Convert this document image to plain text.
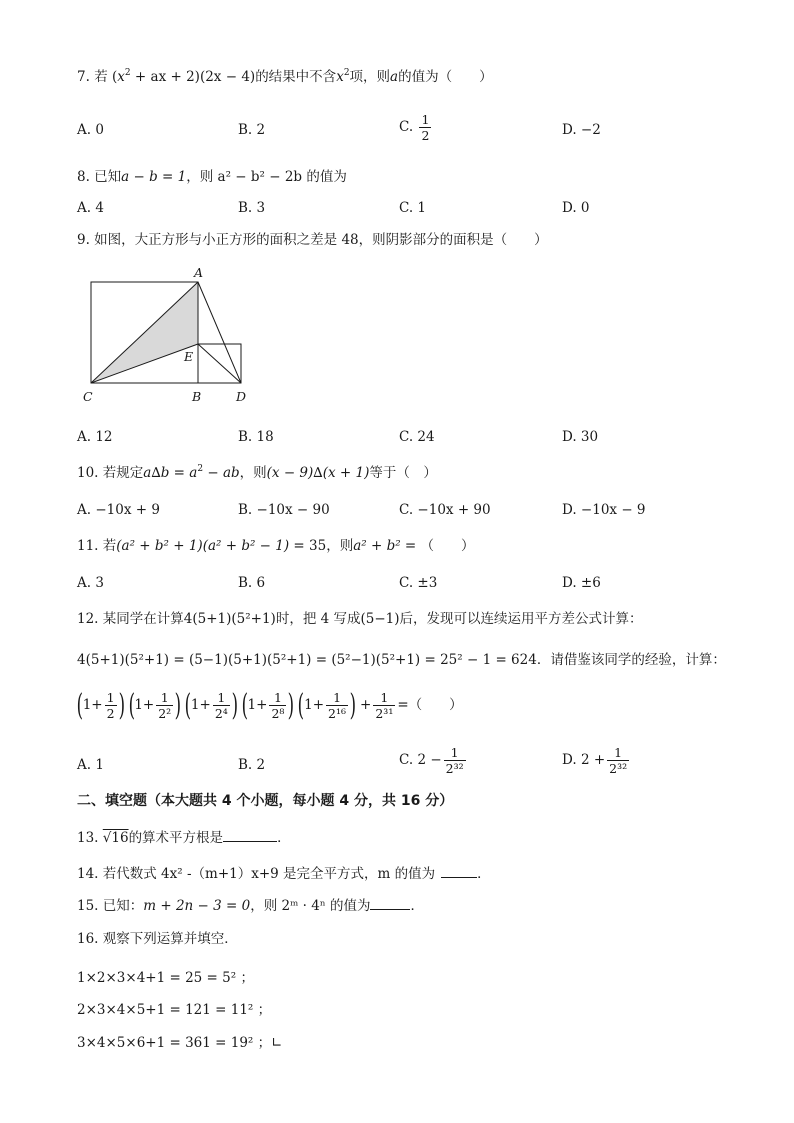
7. 若 ($x^2$ + ax + 2)(2x − 4)的结果中不含$x^2$项，则a的值为（　　）
A. 0	B. 2	C. $\frac{1}{2}$	D. −2
8. 已知a − b = 1，则 a² − b² − 2b 的值为
A. 4	B. 3	C. 1	D. 0
9. 如图，大正方形与小正方形的面积之差是 48，则阴影部分的面积是（　　）
A
E
C	B	D
A. 12	B. 18	C. 24	D. 30
10. 若规定$a\Delta b = a^2$ − ab，则(x − 9)∆(x + 1)等于（　）
A. −10x + 9	B. −10x − 90	C. −10x + 90	D. −10x − 9
11. 若(a² + b² + 1)(a² + b² − 1) = 35，则a² + b² = （　　）
A. 3	B. 6	C. ±3	D. ±6
12. 某同学在计算4(5+1)(5²+1)时，把 4 写成(5−1)后，发现可以连续运用平方差公式计算：
4(5+1)(5²+1) = (5−1)(5+1)(5²+1) = (5²−1)(5²+1) = 25² − 1 = 624．请借鉴该同学的经验，计算：
($1+ \frac{1}{2}$ ) ($1+ \frac{1}{\text{2²}}$ ) ($1+ \frac{1}{\text{2⁴}}$ ) ($1+ \frac{1}{\text{2⁸}}$ ) ($1+ \frac{1}{\text{2¹⁶}}$ ) + $\frac{1}{\text{2³¹}}$ =（　　）
A. 1	B. 2	C. $2 - \frac{1}{\text{2³²}}$	D. $2 + \frac{1}{\text{2³²}}$
二、填空题（本大题共 4 个小题，每小题 4 分，共 16 分）
13. √16的算术平方根是	．
14. 若代数式 4x² -（m+1）x+9 是完全平方式，m 的值为	．
15. 已知：m + 2n − 3 = 0，则 2ᵐ · 4ⁿ 的值为	．
16. 观察下列运算并填空．
1×2×3×4+1 = 25 = 5² ；
2×3×4×5+1 = 121 = 11² ；
3×4×5×6+1 = 361 = 19² ；∟
